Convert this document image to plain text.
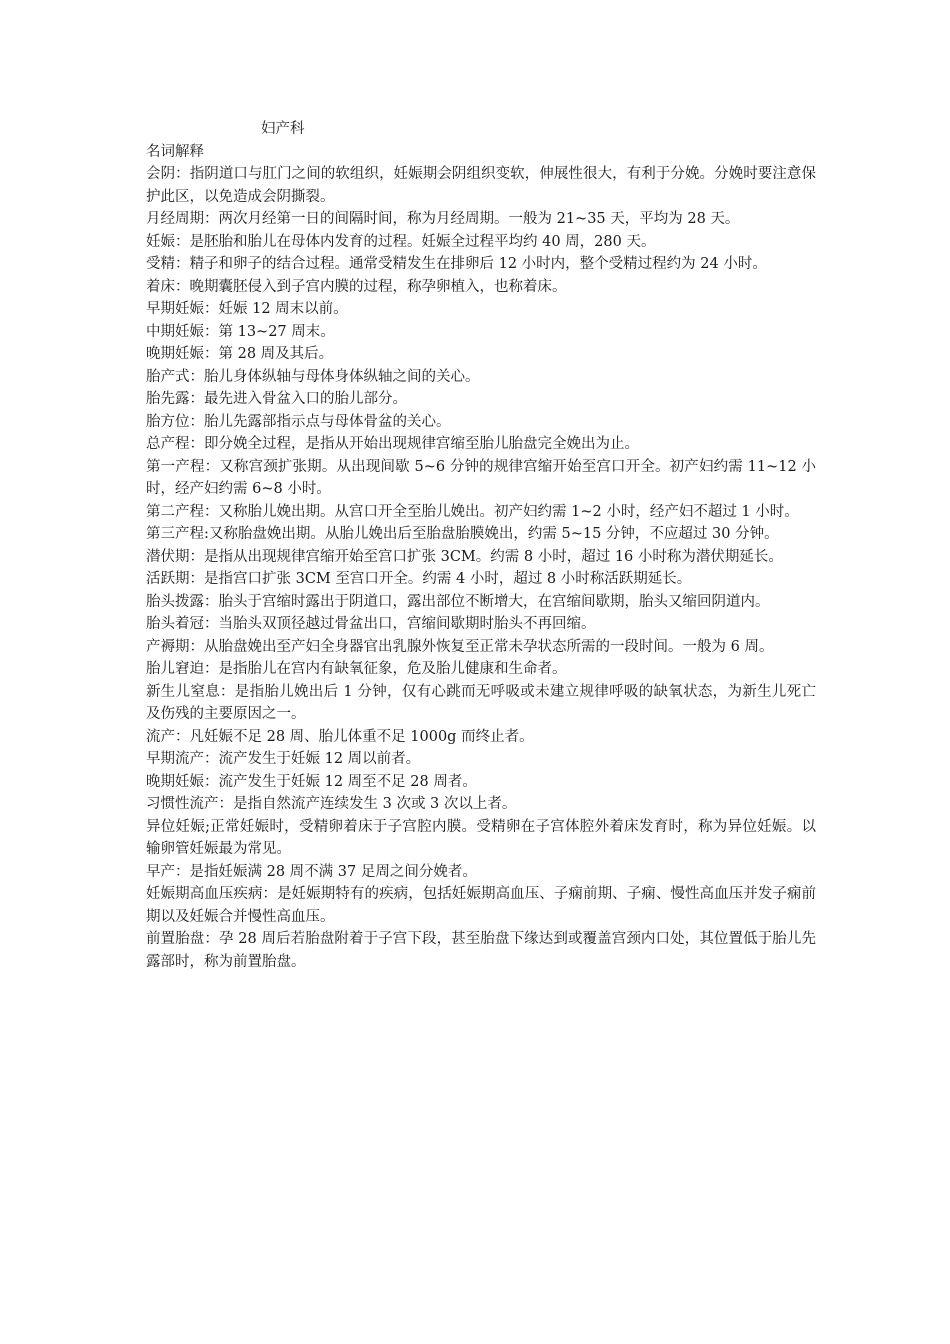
妇产科
名词解释

会阴：指阴道口与肛门之间的软组织，妊娠期会阴组织变软，伸展性很大，有利于分娩。分娩时要注意保护此区，以免造成会阴撕裂。

月经周期：两次月经第一日的间隔时间，称为月经周期。一般为 21~35 天，平均为 28 天。

妊娠：是胚胎和胎儿在母体内发育的过程。妊娠全过程平均约 40 周，280 天。

受精：精子和卵子的结合过程。通常受精发生在排卵后 12 小时内，整个受精过程约为 24 小时。

着床：晚期囊胚侵入到子宫内膜的过程，称孕卵植入，也称着床。

早期妊娠：妊娠 12 周末以前。

中期妊娠：第 13~27 周末。

晚期妊娠：第 28 周及其后。

胎产式：胎儿身体纵轴与母体身体纵轴之间的关心。

胎先露：最先进入骨盆入口的胎儿部分。

胎方位：胎儿先露部指示点与母体骨盆的关心。

总产程：即分娩全过程，是指从开始出现规律宫缩至胎儿胎盘完全娩出为止。

第一产程：又称宫颈扩张期。从出现间歇 5~6 分钟的规律宫缩开始至宫口开全。初产妇约需 11~12 小时，经产妇约需 6~8 小时。

第二产程：又称胎儿娩出期。从宫口开全至胎儿娩出。初产妇约需 1~2 小时，经产妇不超过 1 小时。

第三产程:又称胎盘娩出期。从胎儿娩出后至胎盘胎膜娩出，约需 5~15 分钟，不应超过 30 分钟。

潜伏期：是指从出现规律宫缩开始至宫口扩张 3CM。约需 8 小时，超过 16 小时称为潜伏期延长。

活跃期：是指宫口扩张 3CM 至宫口开全。约需 4 小时，超过 8 小时称活跃期延长。

胎头拨露：胎头于宫缩时露出于阴道口，露出部位不断增大，在宫缩间歇期，胎头又缩回阴道内。

胎头着冠：当胎头双顶径越过骨盆出口，宫缩间歇期时胎头不再回缩。

产褥期：从胎盘娩出至产妇全身器官出乳腺外恢复至正常未孕状态所需的一段时间。一般为 6 周。

胎儿窘迫：是指胎儿在宫内有缺氧征象，危及胎儿健康和生命者。

新生儿窒息：是指胎儿娩出后 1 分钟，仅有心跳而无呼吸或未建立规律呼吸的缺氧状态，为新生儿死亡及伤残的主要原因之一。

流产：凡妊娠不足 28 周、胎儿体重不足 1000g 而终止者。

早期流产：流产发生于妊娠 12 周以前者。

晚期妊娠：流产发生于妊娠 12 周至不足 28 周者。

习惯性流产：是指自然流产连续发生 3 次或 3 次以上者。

异位妊娠;正常妊娠时，受精卵着床于子宫腔内膜。受精卵在子宫体腔外着床发育时，称为异位妊娠。以输卵管妊娠最为常见。

早产：是指妊娠满 28 周不满 37 足周之间分娩者。

妊娠期高血压疾病：是妊娠期特有的疾病，包括妊娠期高血压、子痫前期、子痫、慢性高血压并发子痫前期以及妊娠合并慢性高血压。

前置胎盘：孕 28 周后若胎盘附着于子宫下段，甚至胎盘下缘达到或覆盖宫颈内口处，其位置低于胎儿先露部时，称为前置胎盘。
